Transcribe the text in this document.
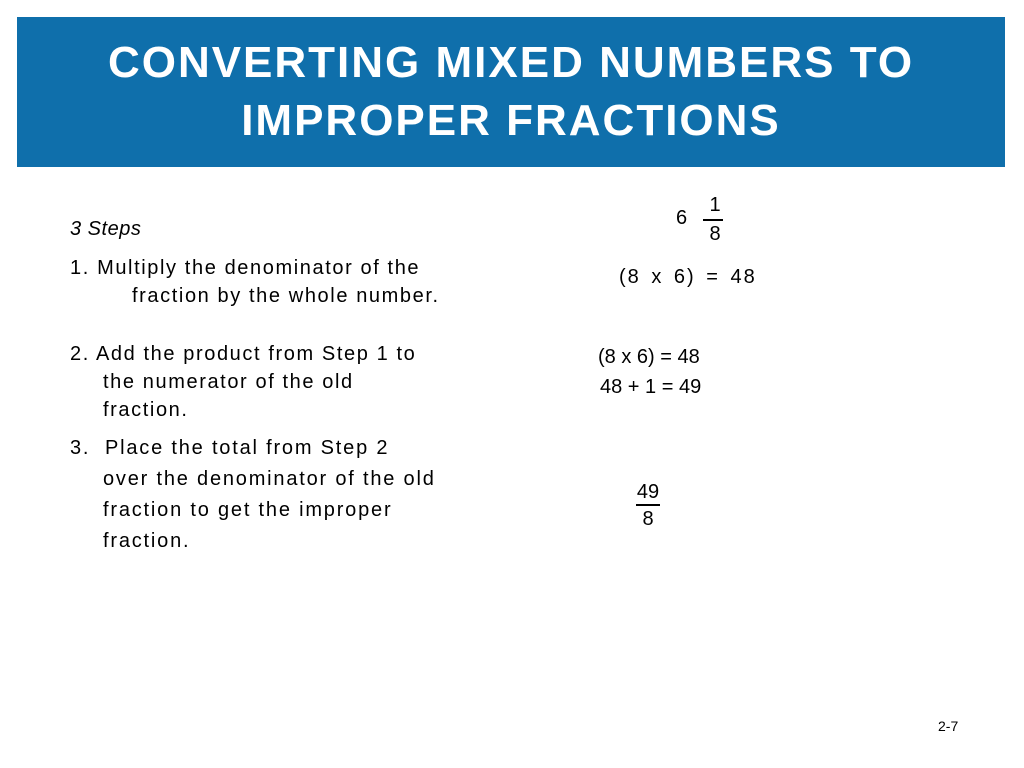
CONVERTING MIXED NUMBERS TO IMPROPER FRACTIONS
3 Steps
1. Multiply the denominator of the
fraction by the whole number.
2. Add the product from Step 1 to
the numerator of the old
fraction.
3. Place the total from Step 2
over the denominator of the old
fraction to get the improper
fraction.
6
1
8
(8 x 6) = 48
(8 x 6) = 48
48 + 1 = 49
49
8
2-7
